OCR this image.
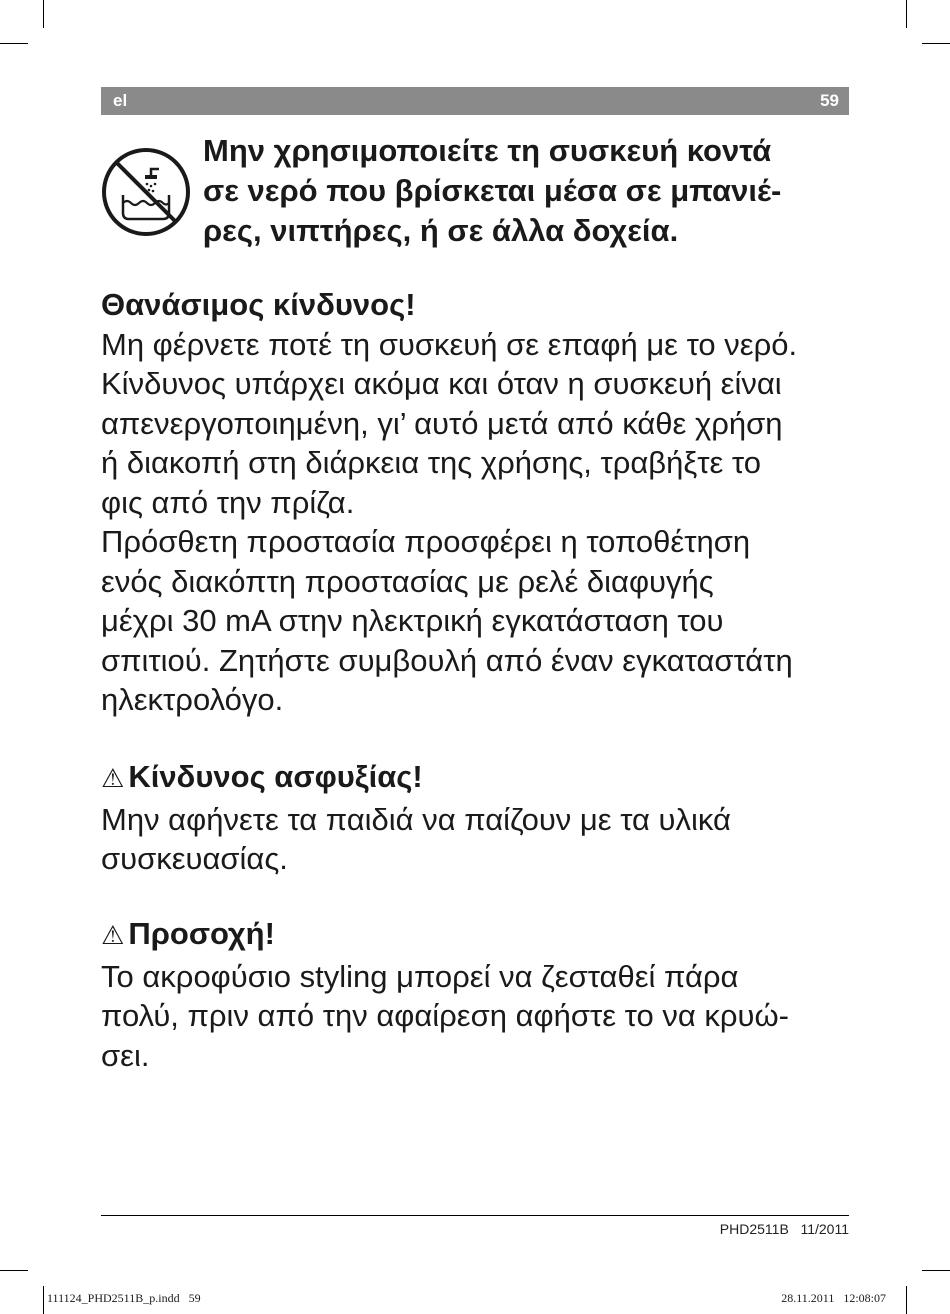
el	59
Μην χρησιμοποιείτε τη συσκευή κοντά
σε νερό που βρίσκεται μέσα σε μπανιέ-
ρες, νιπτήρες, ή σε άλλα δοχεία.
Θανάσιμος κίνδυνος!

Μη φέρνετε ποτέ τη συσκευή σε επαφή με το νερό.

Κίνδυνος υπάρχει ακόμα και όταν η συσκευή είναι

απενεργοποιημένη, γι’ αυτό μετά από κάθε χρήση

ή διακοπή στη διάρκεια της χρήσης, τραβήξτε το

φις από την πρίζα.

Πρόσθετη προστασία προσφέρει η τοποθέτηση

ενός διακόπτη προστασίας με ρελέ διαφυγής

μέχρι 30 mA στην ηλεκτρική εγκατάσταση του

σπιτιού. Ζητήστε συμβουλή από έναν εγκαταστάτη

ηλεκτρολόγο.

⚠ Κίνδυνος ασφυξίας!

Μην αφήνετε τα παιδιά να παίζουν με τα υλικά

συσκευασίας.

⚠ Προσοχή!

Το ακροφύσιο styling μπορεί να ζεσταθεί πάρα

πολύ, πριν από την αφαίρεση αφήστε το να κρυώ-

σει.

PHD2511B   11/2011
111124_PHD2511B_p.indd   59	28.11.2011   12:08:07
